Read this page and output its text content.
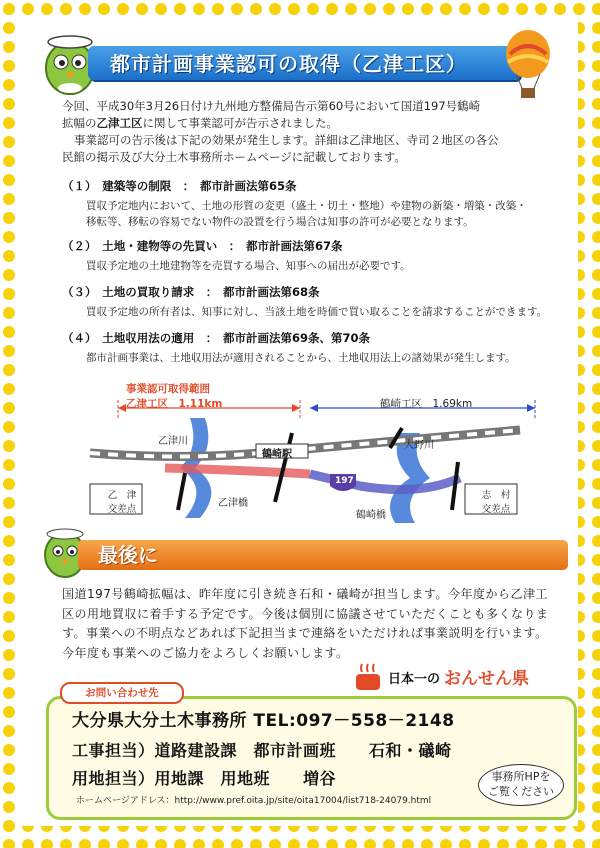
都市計画事業認可の取得（乙津工区）
今回、平成30年3月26日付け九州地方整備局告示第60号において国道197号鶴崎
拡幅の乙津工区に関して事業認可が告示されました。
事業認可の告示後は下記の効果が発生します。詳細は乙津地区、寺司２地区の各公
民館の掲示及び大分土木事務所ホームページに記載しております。
（１）　建築等の制限　：　都市計画法第65条
買収予定地内において、土地の形質の変更（盛土・切土・整地）や建物の新築・増築・改築・
移転等、移転の容易でない物件の設置を行う場合は知事の許可が必要となります。
（２）　土地・建物等の先買い　：　都市計画法第67条
買収予定地の土地建物等を売買する場合、知事への届出が必要です。
（３）　土地の買取り請求　：　都市計画法第68条
買収予定地の所有者は、知事に対し、当該土地を時価で買い取ることを請求することができます。
（４）　土地収用法の適用　：　都市計画法第69条、第70条
都市計画事業は、土地収用法が適用されることから、土地収用法上の諸効果が発生します。
事業認可取得範囲
乙津工区　1.11km	鶴崎工区　1.69km
乙津川	大野川
鶴崎駅
197
乙津橋
鶴崎橋
乙　津
交差点
志　村
交差点
最後に
国道197号鶴崎拡幅は、昨年度に引き続き石和・礒崎が担当します。今年度から乙津工区の用地買収に着手する予定です。今後は個別に協議させていただくことも多くなります。事業への不明点などあれば下記担当まで連絡をいただければ事業説明を行います。 今年度も事業へのご協力をよろしくお願いします。
日本一の おんせん県
お問い合わせ先
大分県大分土木事務所 TEL:097－558－2148
工事担当）道路建設課　都市計画班　　石和・礒崎
用地担当）用地課　用地班　　増谷
ホームページアドレス：http://www.pref.oita.jp/site/oita17004/list718-24079.html
事務所HPを
ご覧ください
